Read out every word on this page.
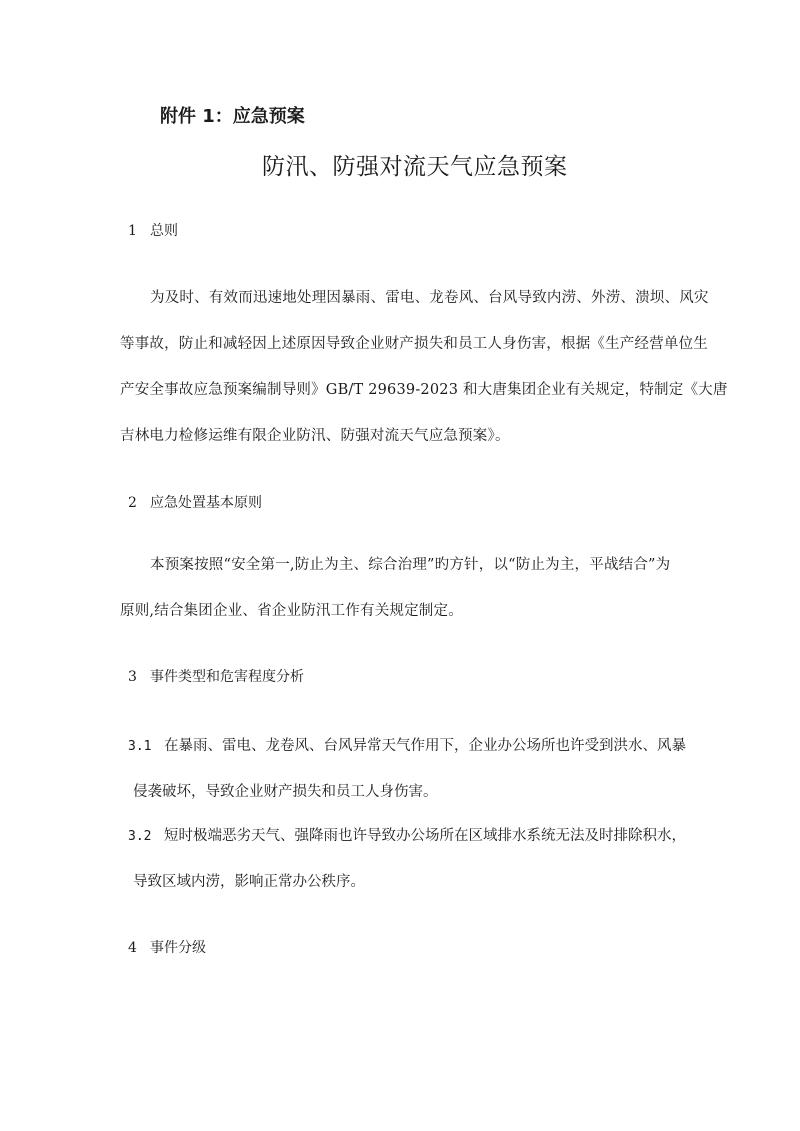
附件 1：应急预案
防汛、防强对流天气应急预案
1 总则
为及时、有效而迅速地处理因暴雨、雷电、龙卷风、台风导致内涝、外涝、溃坝、风灾
等事故，防止和减轻因上述原因导致企业财产损失和员工人身伤害，根据《生产经营单位生
产安全事故应急预案编制导则》GB/T 29639-2023 和大唐集团企业有关规定，特制定《大唐
吉林电力检修运维有限企业防汛、防强对流天气应急预案》。
2 应急处置基本原则
本预案按照“安全第一,防止为主、综合治理”旳方针，以“防止为主，平战结合”为
原则,结合集团企业、省企业防汛工作有关规定制定。
3 事件类型和危害程度分析
3.1 在暴雨、雷电、龙卷风、台风异常天气作用下，企业办公场所也许受到洪水、风暴
侵袭破坏，导致企业财产损失和员工人身伤害。
3.2 短时极端恶劣天气、强降雨也许导致办公场所在区域排水系统无法及时排除积水，
导致区域内涝，影响正常办公秩序。
4 事件分级
